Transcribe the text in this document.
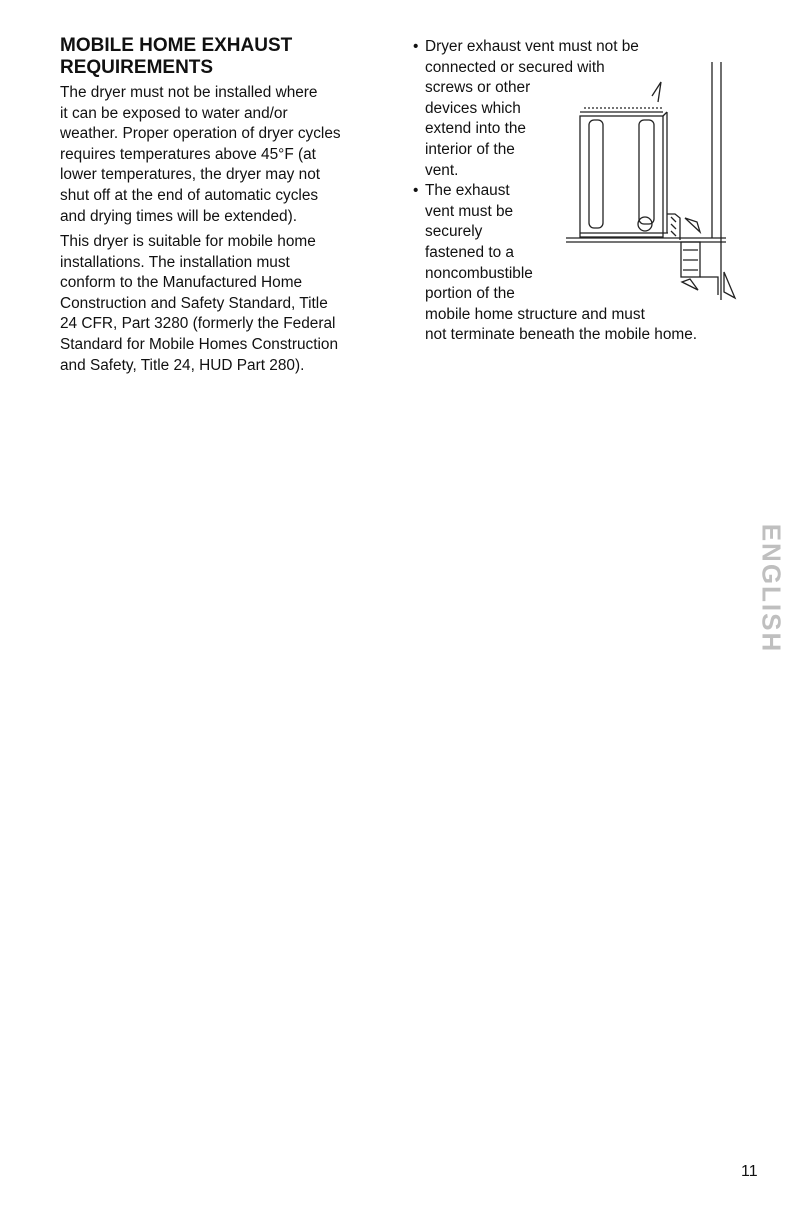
MOBILE HOME EXHAUST
REQUIREMENTS

The dryer must not be installed where
it can be exposed to water and/or
weather. Proper operation of dryer cycles
requires temperatures above 45°F (at
lower temperatures, the dryer may not
shut off at the end of automatic cycles
and drying times will be extended).

This dryer is suitable for mobile home
installations. The installation must
conform to the Manufactured Home
Construction and Safety Standard, Title
24 CFR, Part 3280 (formerly the Federal
Standard for Mobile Homes Construction
and Safety, Title 24, HUD Part 280).

• Dryer exhaust vent must not be
connected or secured with
screws or other
devices which
extend into the
interior of the
vent.
• The exhaust
vent must be
securely
fastened to a
noncombustible
portion of the
mobile home structure and must
not terminate beneath the mobile home.
ENGLISH
11
